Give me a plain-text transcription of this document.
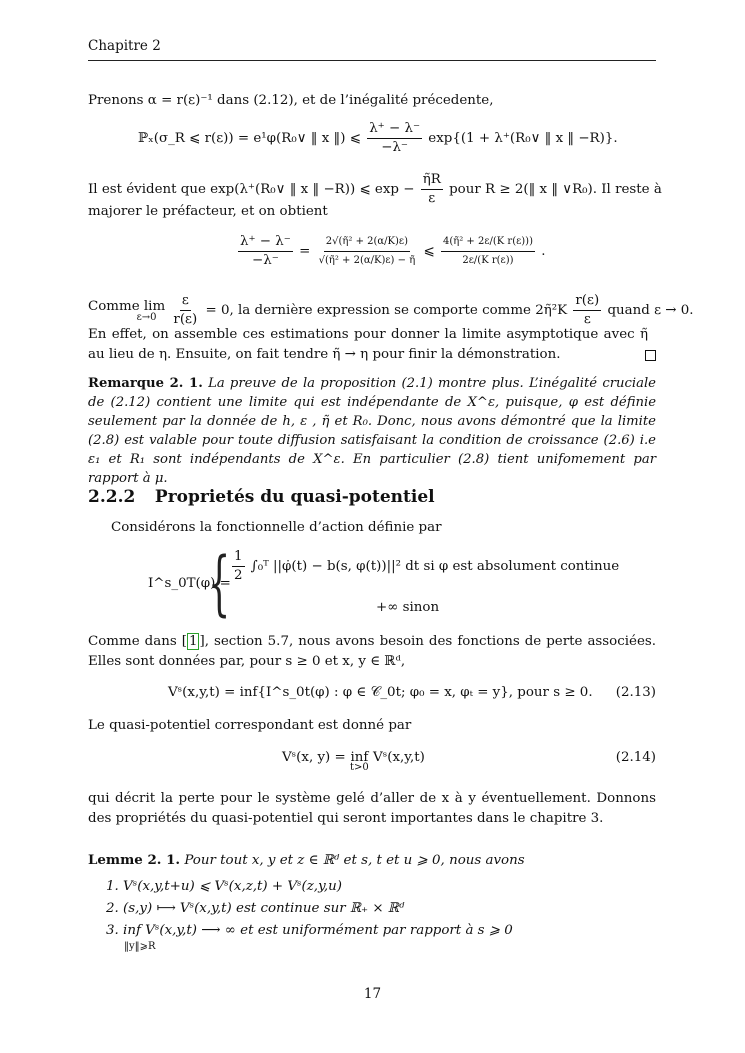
Chapitre 2
Prenons α = r(ε)⁻¹ dans (2.12), et de l’inégalité précedente,
ℙₓ(σ_R ⩽ r(ε)) = e¹φ(R₀∨ ‖ x ‖) ⩽ $\frac{\lambda^+ - \lambda^-}{-\lambda^-} \exp\{(1$ + λ⁺(R₀∨ ‖ x ‖ −R)}.
Il est évident que exp(λ⁺(R₀∨ ‖ x ‖ −R)) ⩽ $\exp - \frac{\etãR}{\varepsilon}$ pour R ≥ 2(‖ x ‖ ∨R₀). Il reste à
majorer le préfacteur, et on obtient
$\frac{\lambda^+ - \lambda^-}{-\lambda^-} = \frac{\text{2√(η̃² + 2(α/K)ε)}}{\text{√(η̃² + 2(α/K)ε) − η̃}}$ ⩽ $\frac{\text{4(η̃² + 2ε/(K r(ε)))}}{\text{2ε/(K r(ε))}}$ .
Comme lim
ε→0
$\frac{\varepsilon}{r(\varepsilon)} = 0$, la dernière expression se comporte comme 2η̃²K $\frac{r(\varepsilon)}{\varepsilon}$ quand ε → 0.
En effet, on assemble ces estimations pour donner la limite asymptotique avec η̃ au lieu de η. Ensuite, on fait tendre η̃ → η pour finir la démonstration.
Remarque 2. 1. La preuve de la proposition (2.1) montre plus. L’inégalité cruciale de (2.12) contient une limite qui est indépendante de X^ε, puisque, φ est définie seulement par la donnée de h, ε , η̃ et R₀. Donc, nous avons démontré que la limite (2.8) est valable pour toute diffusion satisfaisant la condition de croissance (2.6) i.e ε₁ et R₁ sont indépendants de X^ε. En particulier (2.8) tient unifomement par rapport à μ.
2.2.2 Proprietés du quasi-potentiel
Considérons la fonctionnelle d’action définie par
I^s_0T(φ) =
{ $\frac{1}{2}$ ∫₀ᵀ ||φ̇(t) − b(s, φ(t))||² dt si φ est absolument continue
+∞ sinon
Comme dans [ 1 ], section 5.7, nous avons besoin des fonctions de perte associées. Elles sont données par, pour s ≥ 0 et x, y ∈ ℝᵈ,
Vˢ(x,y,t) = inf{I^s_0t(φ) : φ ∈ 𝒞_0t; φ₀ = x, φₜ = y}, pour s ≥ 0. (2.13)
Le quasi-potentiel correspondant est donné par
Vˢ(x, y) = inf
t>0
Vˢ(x,y,t)	(2.14)
qui décrit la perte pour le système gelé d’aller de x à y éventuellement. Donnons des propriétés du quasi-potentiel qui seront importantes dans le chapitre 3.
Lemme 2. 1. Pour tout x, y et z ∈ ℝᵈ et s, t et u ⩾ 0, nous avons
1. Vˢ(x,y,t+u) ⩽ Vˢ(x,z,t) + Vˢ(z,y,u)
2. (s,y) ⟼ Vˢ(x,y,t) est continue sur ℝ₊ × ℝᵈ
3. inf Vˢ(x,y,t) ⟶ ∞ et est uniformément par rapport à s ⩾ 0
‖y‖⩾R
17
